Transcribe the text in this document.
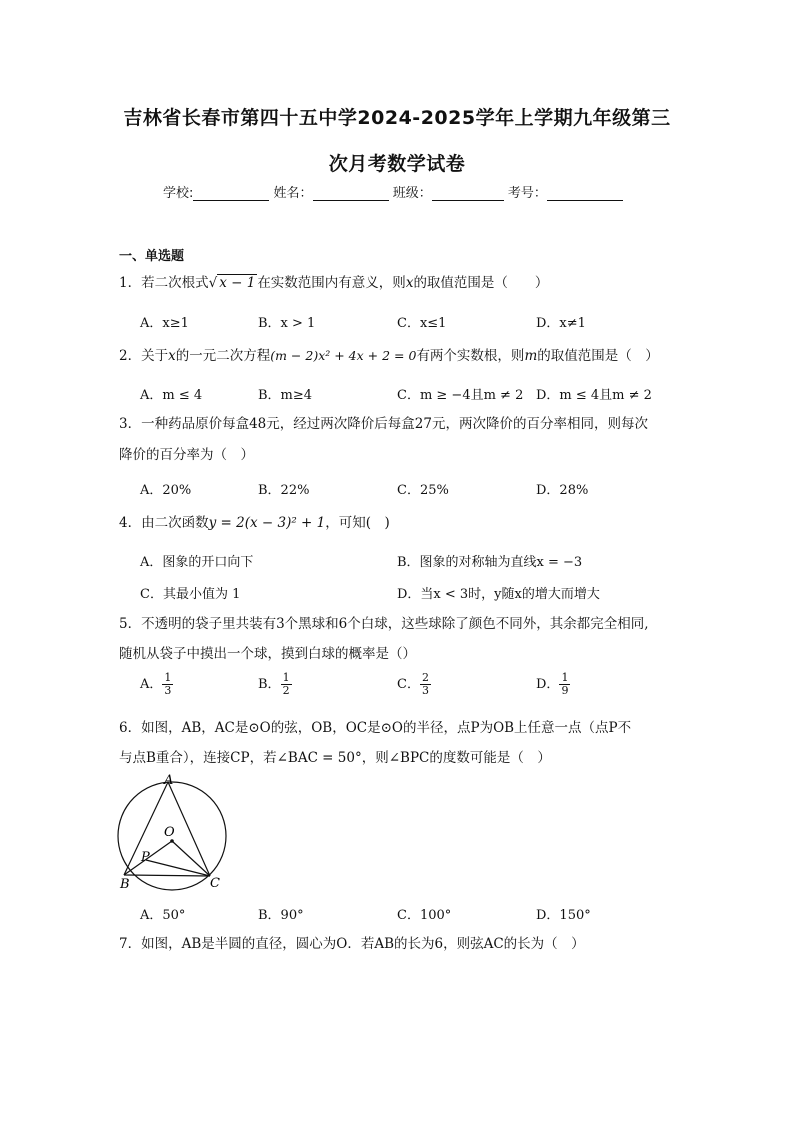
吉林省长春市第四十五中学2024-2025学年上学期九年级第三
次月考数学试卷
学校:	姓名：	班级：	考号：
一、单选题
1．若二次根式√ x − 1 在实数范围内有意义，则x的取值范围是（　　）
A．x≥1	B．x > 1	C．x≤1	D．x≠1
2．关于x的一元二次方程(m − 2)x² + 4x + 2 = 0有两个实数根，则m的取值范围是（　）
A．m ≤ 4	B．m≥4	C．m ≥ −4且m ≠ 2 D．m ≤ 4且m ≠ 2
3．一种药品原价每盒48元，经过两次降价后每盒27元，两次降价的百分率相同，则每次
降价的百分率为（　）
A．20%	B．22%	C．25%	D．28%
4．由二次函数y = 2(x − 3)² + 1，可知(　)
A．图象的开口向下	B．图象的对称轴为直线x = −3
C．其最小值为 1	D．当x < 3时，y随x的增大而增大
5．不透明的袋子里共装有3个黑球和6个白球，这些球除了颜色不同外，其余都完全相同,
随机从袋子中摸出一个球，摸到白球的概率是（）
A． $\frac{1}{3}$	B． $\frac{1}{2}$	C． $\frac{2}{3}$	D． $\frac{1}{9}$
6．如图，AB，AC是⊙O的弦，OB，OC是⊙O的半径，点P为OB上任意一点（点P不
与点B重合），连接CP，若∠BAC = 50°，则∠BPC的度数可能是（　）
A
O
P
B	C
A．50°	B．90°	C．100°	D．150°
7．如图，AB是半圆的直径，圆心为O．若AB的长为6，则弦AC的长为（　）
